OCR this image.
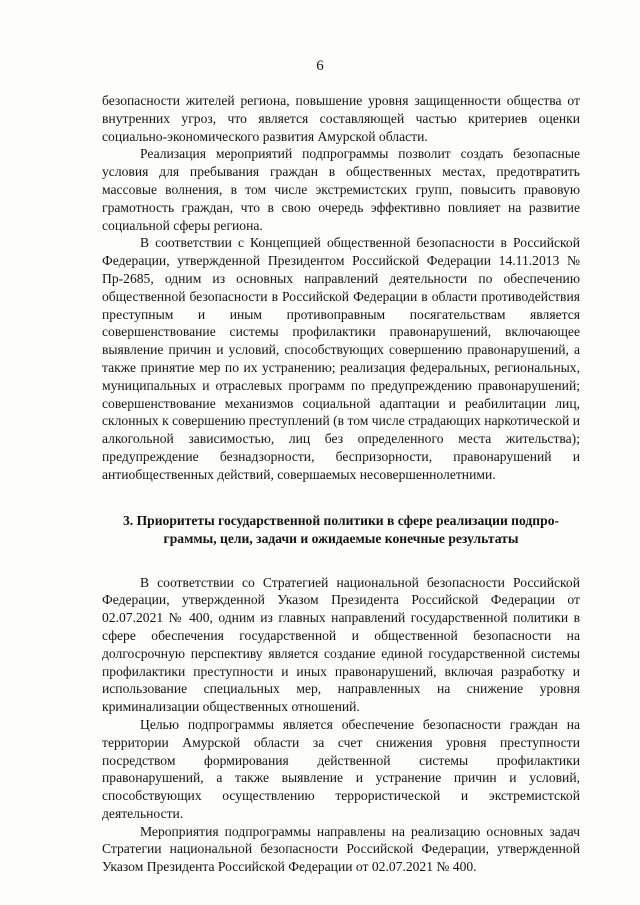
6

безопасности жителей региона, повышение уровня защищенности общества от внутренних угроз, что является составляющей частью критериев оценки социально-экономического развития Амурской области.

Реализация мероприятий подпрограммы позволит создать безопасные условия для пребывания граждан в общественных местах, предотвратить массовые волнения, в том числе экстремистских групп, повысить правовую грамотность граждан, что в свою очередь эффективно повлияет на развитие социальной сферы региона.

В соответствии с Концепцией общественной безопасности в Российской Федерации, утвержденной Президентом Российской Федерации 14.11.2013 № Пр-2685, одним из основных направлений деятельности по обеспечению общественной безопасности в Российской Федерации в области противодействия преступным и иным противоправным посягательствам является совершенствование системы профилактики правонарушений, включающее выявление причин и условий, способствующих совершению правонарушений, а также принятие мер по их устранению; реализация федеральных, региональных, муниципальных и отраслевых программ по предупреждению правонарушений; совершенствование механизмов социальной адаптации и реабилитации лиц, склонных к совершению преступлений (в том числе страдающих наркотической и алкогольной зависимостью, лиц без определенного места жительства); предупреждение безнадзорности, беспризорности, правонарушений и антиобщественных действий, совершаемых несовершеннолетними.

3. Приоритеты государственной политики в сфере реализации подпро-
граммы, цели, задачи и ожидаемые конечные результаты

В соответствии со Стратегией национальной безопасности Российской Федерации, утвержденной Указом Президента Российской Федерации от 02.07.2021 № 400, одним из главных направлений государственной политики в сфере обеспечения государственной и общественной безопасности на долгосрочную перспективу является создание единой государственной системы профилактики преступности и иных правонарушений, включая разработку и использование специальных мер, направленных на снижение уровня криминализации общественных отношений.

Целью подпрограммы является обеспечение безопасности граждан на территории Амурской области за счет снижения уровня преступности посредством формирования действенной системы профилактики правонарушений, а также выявление и устранение причин и условий, способствующих осуществлению террористической и экстремистской деятельности.

Мероприятия подпрограммы направлены на реализацию основных задач Стратегии национальной безопасности Российской Федерации, утвержденной Указом Президента Российской Федерации от 02.07.2021 № 400.
